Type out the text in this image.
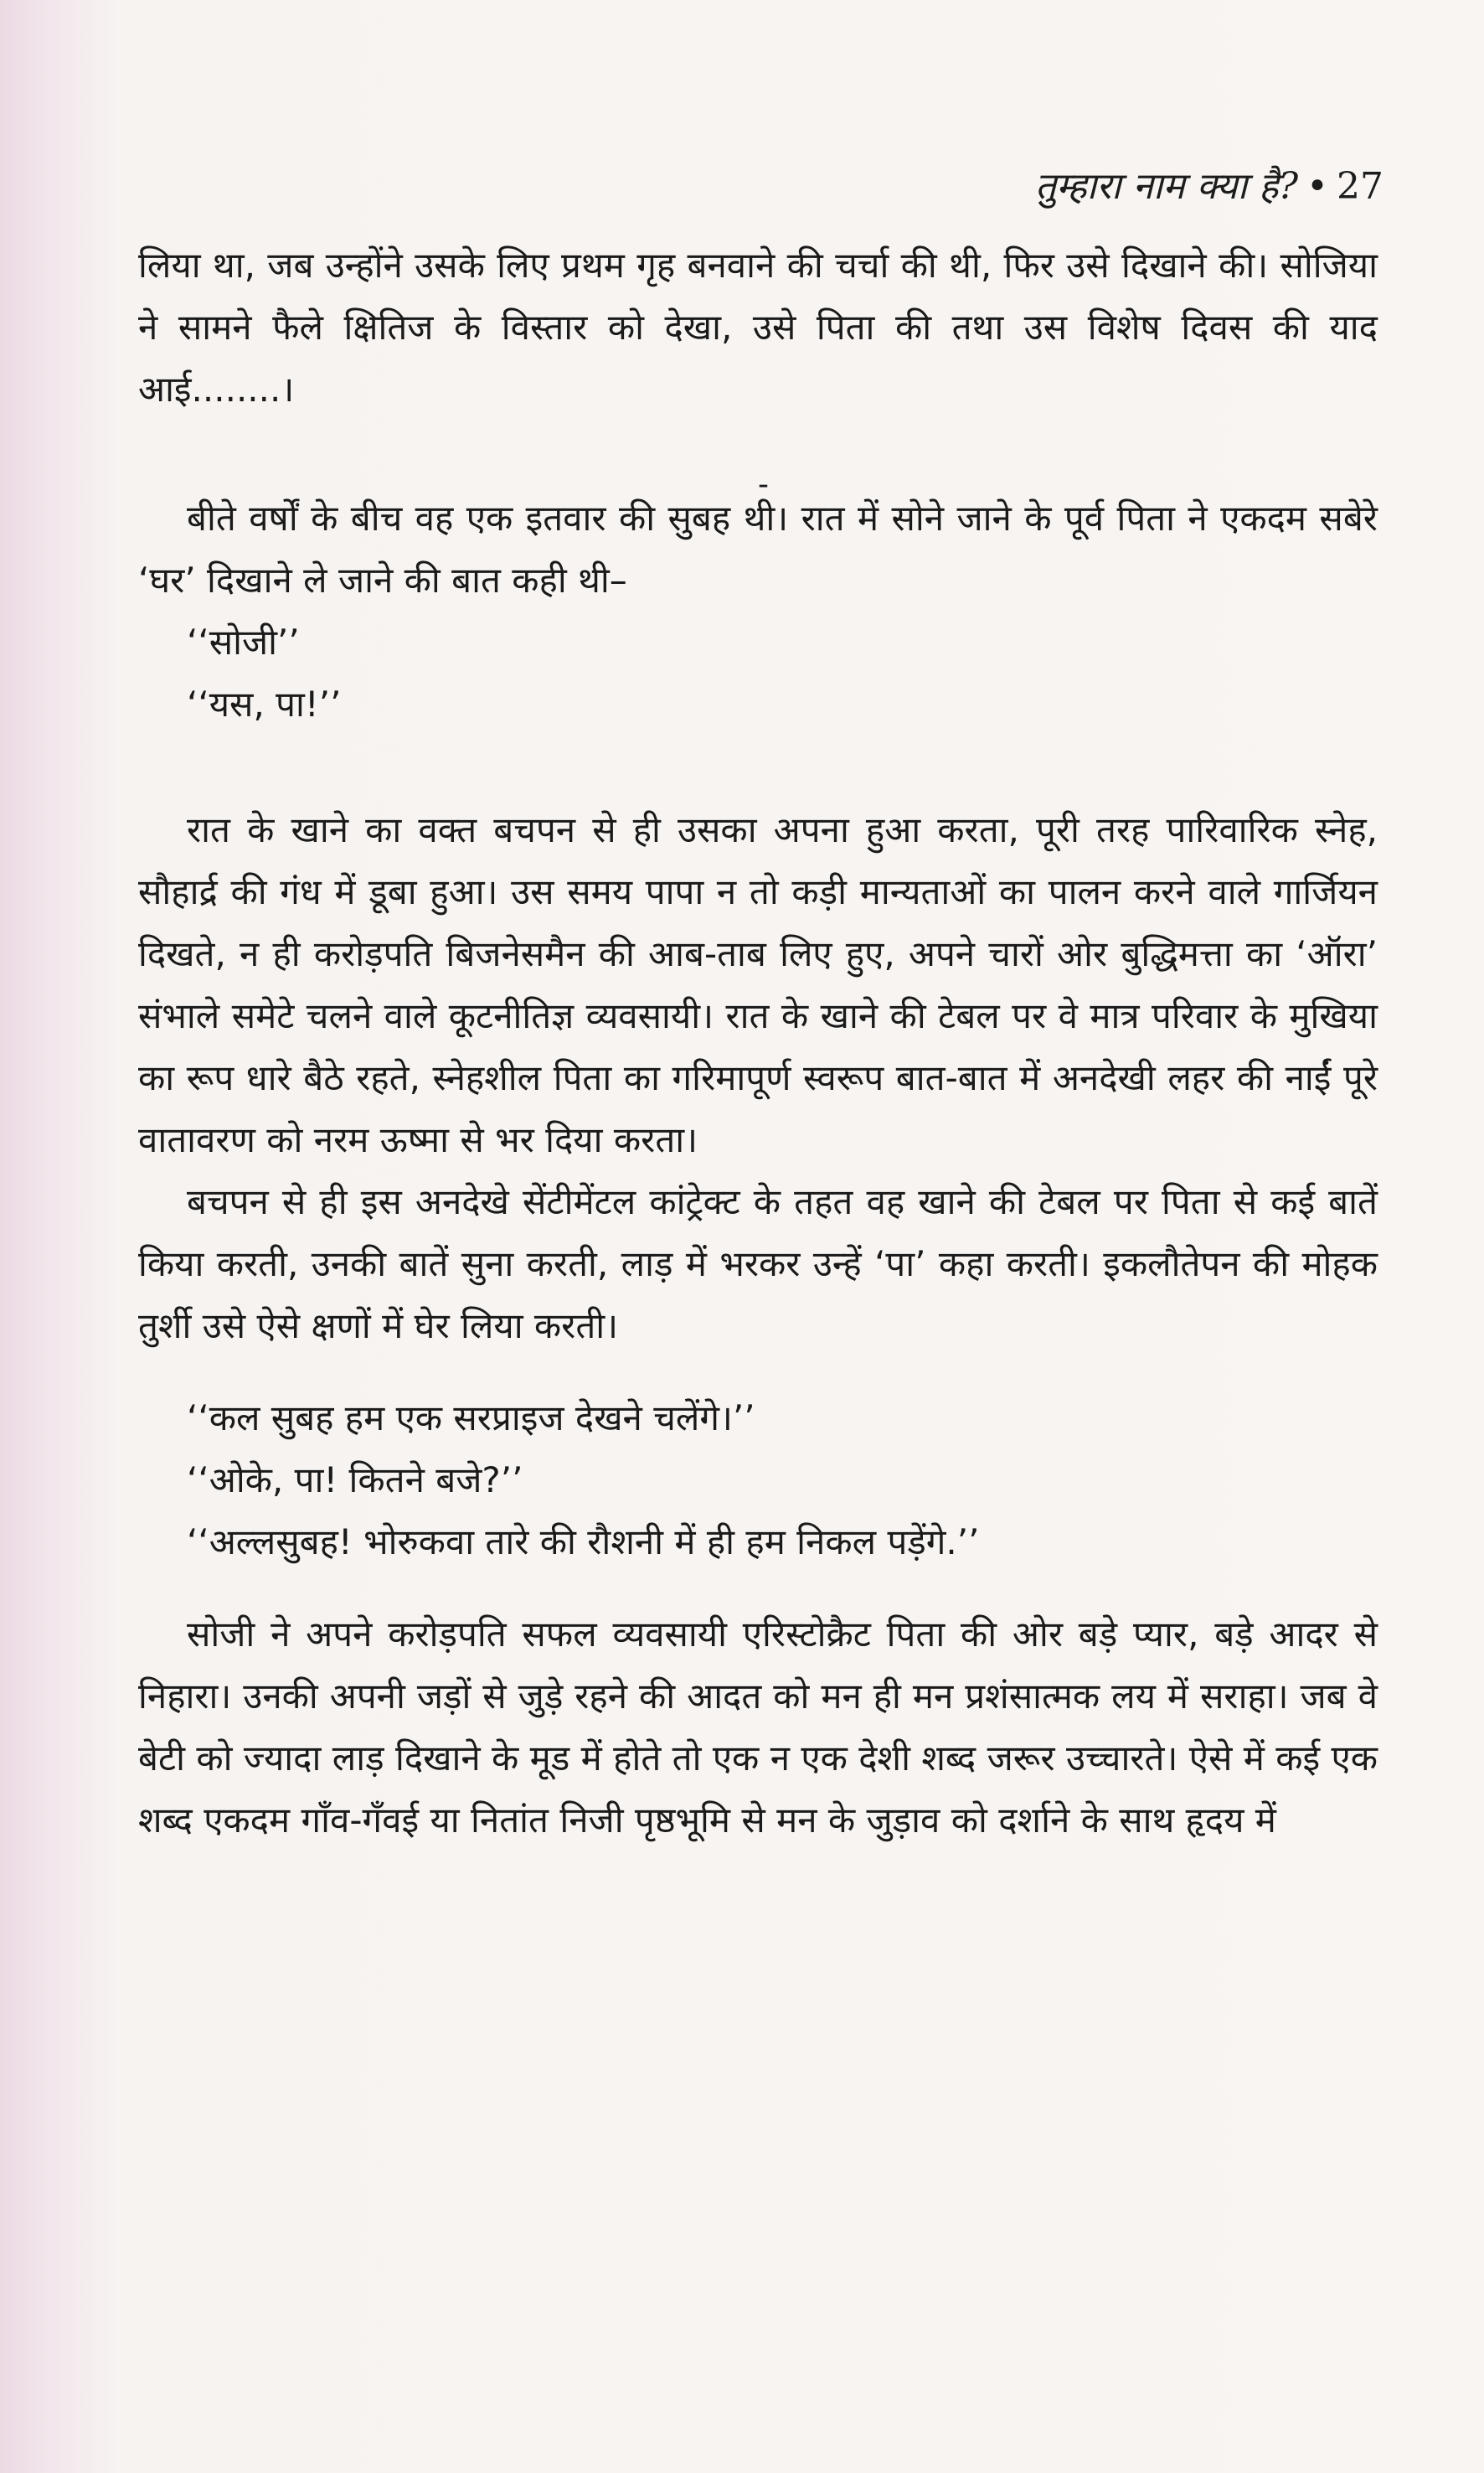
तुम्हारा नाम क्या है? • 27

लिया था, जब उन्होंने उसके लिए प्रथम गृह बनवाने की चर्चा की थी, फिर उसे दिखाने की। सोजिया ने सामने फैले क्षितिज के विस्तार को देखा, उसे पिता की तथा उस विशेष दिवस की याद आई........।

-

बीते वर्षों के बीच वह एक इतवार की सुबह थी। रात में सोने जाने के पूर्व पिता ने एकदम सबेरे ‘घर’ दिखाने ले जाने की बात कही थी–

‘‘सोजी’’

‘‘यस, पा!’’

रात के खाने का वक्त बचपन से ही उसका अपना हुआ करता, पूरी तरह पारिवारिक स्नेह, सौहार्द्र की गंध में डूबा हुआ। उस समय पापा न तो कड़ी मान्यताओं का पालन करने वाले गार्जियन दिखते, न ही करोड़पति बिजनेसमैन की आब-ताब लिए हुए, अपने चारों ओर बुद्धिमत्ता का ‘ऑरा’ संभाले समेटे चलने वाले कूटनीतिज्ञ व्यवसायी। रात के खाने की टेबल पर वे मात्र परिवार के मुखिया का रूप धारे बैठे रहते, स्नेहशील पिता का गरिमापूर्ण स्वरूप बात-बात में अनदेखी लहर की नाईं पूरे वातावरण को नरम ऊष्मा से भर दिया करता।

बचपन से ही इस अनदेखे सेंटीमेंटल कांट्रेक्ट के तहत वह खाने की टेबल पर पिता से कई बातें किया करती, उनकी बातें सुना करती, लाड़ में भरकर उन्हें ‘पा’ कहा करती। इकलौतेपन की मोहक तुर्शी उसे ऐसे क्षणों में घेर लिया करती।

‘‘कल सुबह हम एक सरप्राइज देखने चलेंगे।’’

‘‘ओके, पा! कितने बजे?’’

‘‘अल्लसुबह! भोरुकवा तारे की रौशनी में ही हम निकल पड़ेंगे.’’

सोजी ने अपने करोड़पति सफल व्यवसायी एरिस्टोक्रैट पिता की ओर बड़े प्यार, बड़े आदर से निहारा। उनकी अपनी जड़ों से जुड़े रहने की आदत को मन ही मन प्रशंसात्मक लय में सराहा। जब वे बेटी को ज्यादा लाड़ दिखाने के मूड में होते तो एक न एक देशी शब्द जरूर उच्चारते। ऐसे में कई एक शब्द एकदम गाँव-गँवई या नितांत निजी पृष्ठभूमि से मन के जुड़ाव को दर्शाने के साथ हृदय में
